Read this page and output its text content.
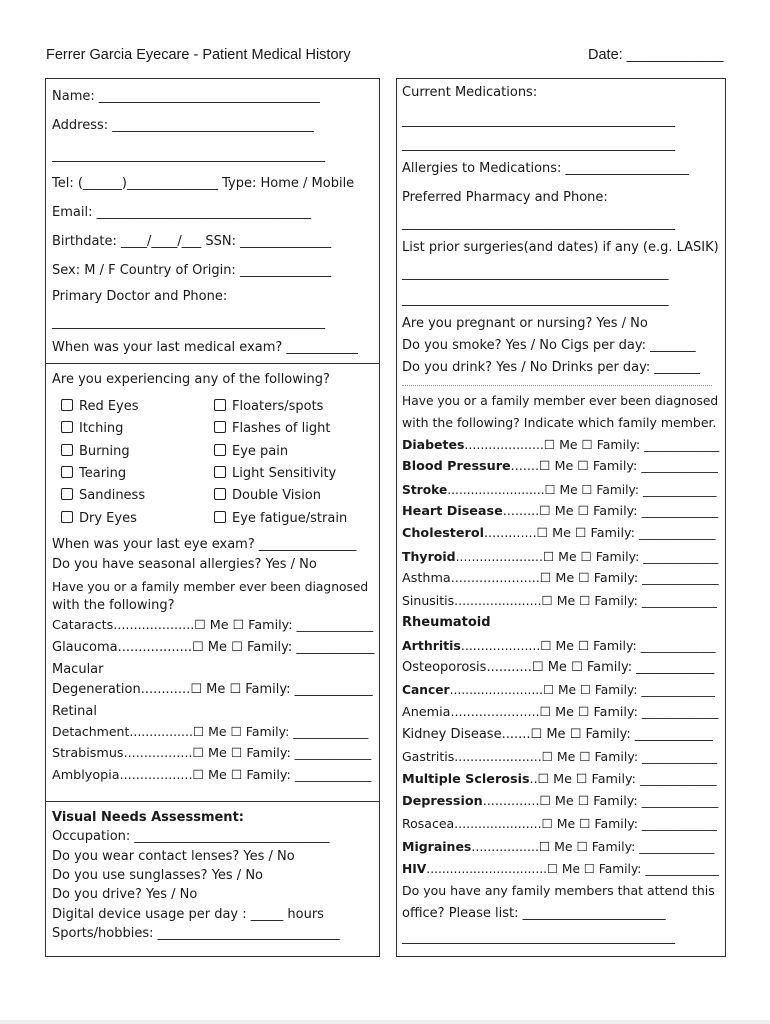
Ferrer Garcia Eyecare - Patient Medical History	Date: ____________
Name: __________________________________
Address: _______________________________
__________________________________________
Tel: (______)______________ Type: Home / Mobile
Email: _________________________________
Birthdate: ____/____/___ SSN: ______________
Sex: M / F Country of Origin: ______________
Primary Doctor and Phone:
__________________________________________
When was your last medical exam? ___________
Are you experiencing any of the following?
Red Eyes
Itching
Burning
Tearing
Sandiness
Dry Eyes
Floaters/spots
Flashes of light
Eye pain
Light Sensitivity
Double Vision
Eye fatigue/strain
When was your last eye exam? _______________
Do you have seasonal allergies? Yes / No
Have you or a family member ever been diagnosed
with the following?
Cataracts....................☐ Me ☐ Family: ____________
Glaucoma..................☐ Me ☐ Family: ____________
Macular
Degeneration............☐ Me ☐ Family: ____________
Retinal
Detachment................☐ Me ☐ Family: ____________
Strabismus.................☐ Me ☐ Family: ____________
Amblyopia..................☐ Me ☐ Family: ____________
Visual Needs Assessment:
Occupation: ______________________________
Do you wear contact lenses? Yes / No
Do you use sunglasses? Yes / No
Do you drive? Yes / No
Digital device usage per day : _____ hours
Sports/hobbies: ____________________________
Current Medications:
__________________________________________
__________________________________________
Allergies to Medications: ___________________
Preferred Pharmacy and Phone:
__________________________________________
List prior surgeries(and dates) if any (e.g. LASIK)
_________________________________________
_________________________________________
Are you pregnant or nursing? Yes / No
Do you smoke? Yes / No Cigs per day: _______
Do you drink? Yes / No Drinks per day: _______
Have you or a family member ever been diagnosed
with the following? Indicate which family member.
Diabetes....................☐ Me ☐ Family: ____________
Blood Pressure.......☐ Me ☐ Family: ____________
Stroke.........................☐ Me ☐ Family: ____________
Heart Disease.........☐ Me ☐ Family: ____________
Cholesterol.............☐ Me ☐ Family: ____________
Thyroid......................☐ Me ☐ Family: ____________
Asthma......................☐ Me ☐ Family: ____________
Sinusitis......................☐ Me ☐ Family: ____________
Rheumatoid
Arthritis....................☐ Me ☐ Family: ____________
Osteoporosis...........☐ Me ☐ Family: ____________
Cancer........................☐ Me ☐ Family: ____________
Anemia......................☐ Me ☐ Family: ____________
Kidney Disease.......☐ Me ☐ Family: ____________
Gastritis......................☐ Me ☐ Family: ____________
Multiple Sclerosis..☐ Me ☐ Family: ____________
Depression..............☐ Me ☐ Family: ____________
Rosacea......................☐ Me ☐ Family: ____________
Migraines.................☐ Me ☐ Family: ____________
HIV...............................☐ Me ☐ Family: ____________
Do you have any family members that attend this
office? Please list: ______________________
__________________________________________
